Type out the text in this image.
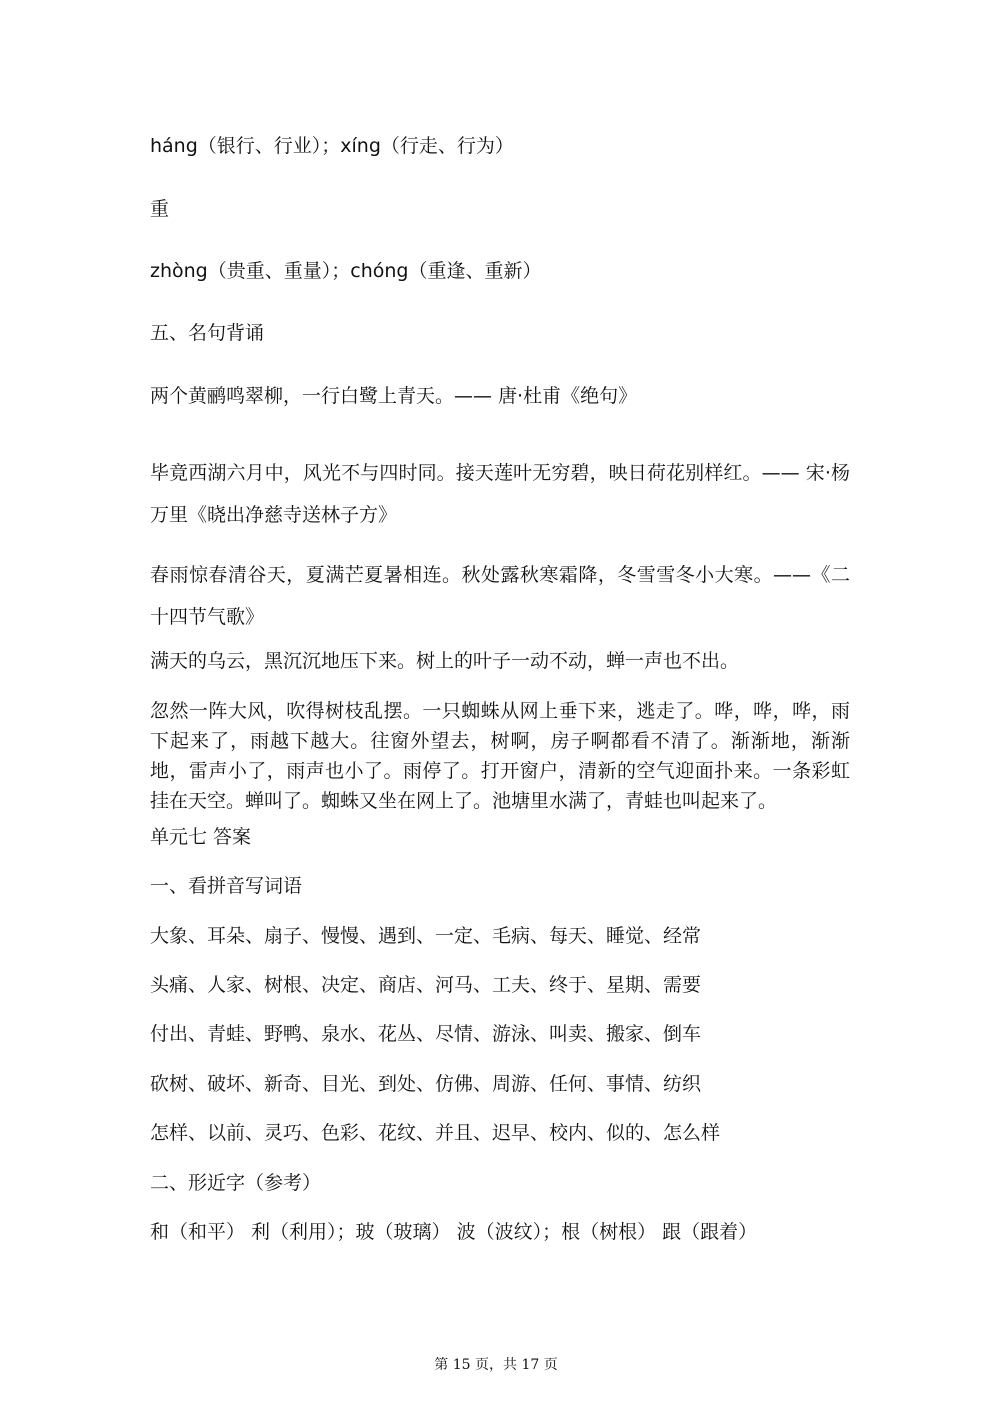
háng（银行、行业）；xíng（行走、行为）
重
zhòng（贵重、重量）；chóng（重逢、重新）
五、名句背诵
两个黄鹂鸣翠柳，一行白鹭上青天。—— 唐·杜甫《绝句》
毕竟西湖六月中，风光不与四时同。接天莲叶无穷碧，映日荷花别样红。—— 宋·杨万里《晓出净慈寺送林子方》
春雨惊春清谷天，夏满芒夏暑相连。秋处露秋寒霜降，冬雪雪冬小大寒。——《二十四节气歌》
满天的乌云，黑沉沉地压下来。树上的叶子一动不动，蝉一声也不出。
忽然一阵大风，吹得树枝乱摆。一只蜘蛛从网上垂下来，逃走了。哗，哗，哗，雨下起来了，雨越下越大。往窗外望去，树啊，房子啊都看不清了。渐渐地，渐渐地，雷声小了，雨声也小了。雨停了。打开窗户，清新的空气迎面扑来。一条彩虹挂在天空。蝉叫了。蜘蛛又坐在网上了。池塘里水满了，青蛙也叫起来了。
单元七 答案
一、看拼音写词语
大象、耳朵、扇子、慢慢、遇到、一定、毛病、每天、睡觉、经常
头痛、人家、树根、决定、商店、河马、工夫、终于、星期、需要
付出、青蛙、野鸭、泉水、花丛、尽情、游泳、叫卖、搬家、倒车
砍树、破坏、新奇、目光、到处、仿佛、周游、任何、事情、纺织
怎样、以前、灵巧、色彩、花纹、并且、迟早、校内、似的、怎么样
二、形近字（参考）
和（和平） 利（利用）；玻（玻璃） 波（波纹）；根（树根） 跟（跟着）
第 15 页，共 17 页
